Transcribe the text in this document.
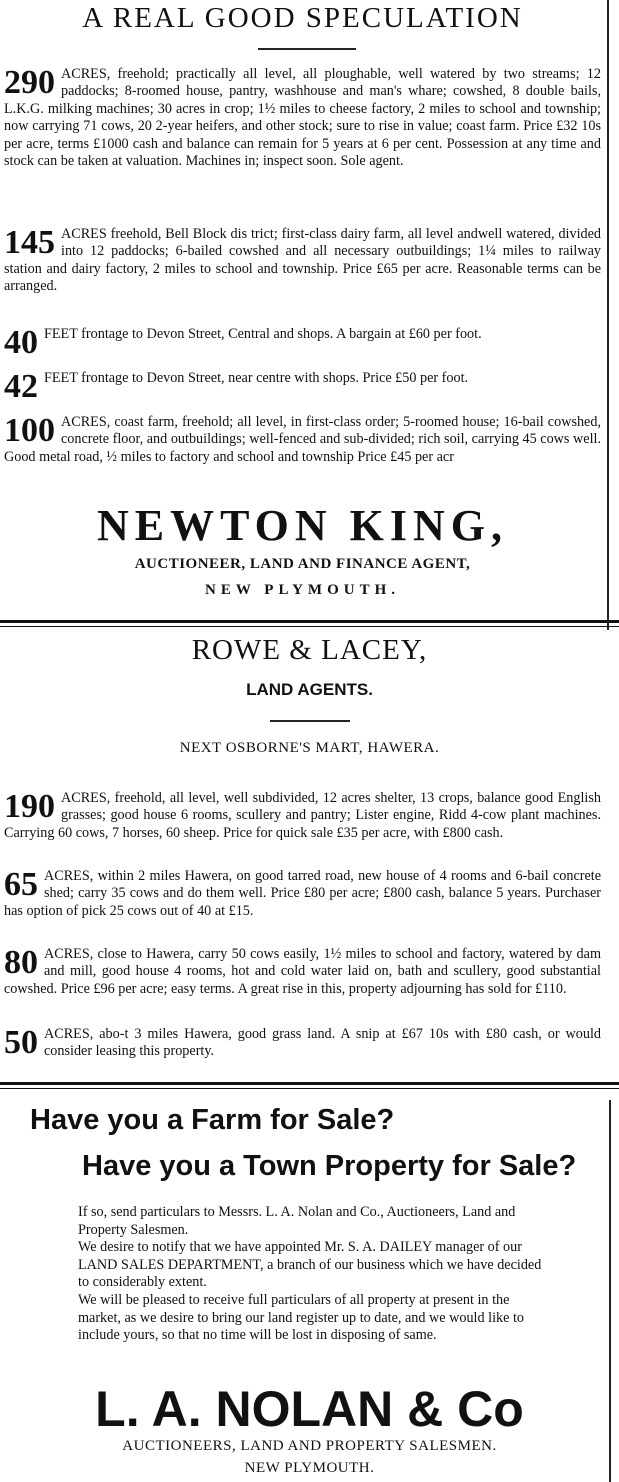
A REAL GOOD SPECULATION
290 ACRES, freehold; practically all level, all ploughable, well watered by two streams; 12 paddocks; 8-roomed house, pantry, washhouse and man's whare; cowshed, 8 double bails, L.K.G. milking machines; 30 acres in crop; 1½ miles to cheese factory, 2 miles to school and township; now carrying 71 cows, 20 2-year heifers, and other stock; sure to rise in value; coast farm. Price £32 10s per acre, terms £1000 cash and balance can remain for 5 years at 6 per cent. Possession at any time and stock can be taken at valuation. Machines in; inspect soon. Sole agent.
145 ACRES freehold, Bell Block dis trict; first-class dairy farm, all level andwell watered, divided into 12 paddocks; 6-bailed cowshed and all necessary outbuildings; 1¼ miles to railway station and dairy factory, 2 miles to school and township. Price £65 per acre. Reasonable terms can be arranged.
40 FEET frontage to Devon Street, Central and shops. A bargain at £60 per foot.
42 FEET frontage to Devon Street, near centre with shops. Price £50 per foot.
100 ACRES, coast farm, freehold; all level, in first-class order; 5-roomed house; 16-bail cowshed, concrete floor, and outbuildings; well-fenced and sub-divided; rich soil, carrying 45 cows well. Good metal road, ½ miles to factory and school and township Price £45 per acr
NEWTON KING,
AUCTIONEER, LAND AND FINANCE AGENT,
NEW PLYMOUTH.
ROWE & LACEY,
LAND AGENTS.
NEXT OSBORNE'S MART, HAWERA.
190 ACRES, freehold, all level, well subdivided, 12 acres shelter, 13 crops, balance good English grasses; good house 6 rooms, scullery and pantry; Lister engine, Ridd 4-cow plant machines. Carrying 60 cows, 7 horses, 60 sheep. Price for quick sale £35 per acre, with £800 cash.
65 ACRES, within 2 miles Hawera, on good tarred road, new house of 4 rooms and 6-bail concrete shed; carry 35 cows and do them well. Price £80 per acre; £800 cash, balance 5 years. Purchaser has option of pick 25 cows out of 40 at £15.
80 ACRES, close to Hawera, carry 50 cows easily, 1½ miles to school and factory, watered by dam and mill, good house 4 rooms, hot and cold water laid on, bath and scullery, good substantial cowshed. Price £96 per acre; easy terms. A great rise in this, property adjourning has sold for £110.
50 ACRES, abo-t 3 miles Hawera, good grass land. A snip at £67 10s with £80 cash, or would consider leasing this property.
Have you a Farm for Sale?
Have you a Town Property for Sale?
If so, send particulars to Messrs. L. A. Nolan and Co., Auctioneers, Land and Property Salesmen.
We desire to notify that we have appointed Mr. S. A. DAILEY manager of our LAND SALES DEPARTMENT, a branch of our business which we have decided to considerably extent.
We will be pleased to receive full particulars of all property at present in the market, as we desire to bring our land register up to date, and we would like to include yours, so that no time will be lost in disposing of same.
L. A. NOLAN & Co
AUCTIONEERS, LAND AND PROPERTY SALESMEN.
NEW PLYMOUTH.
